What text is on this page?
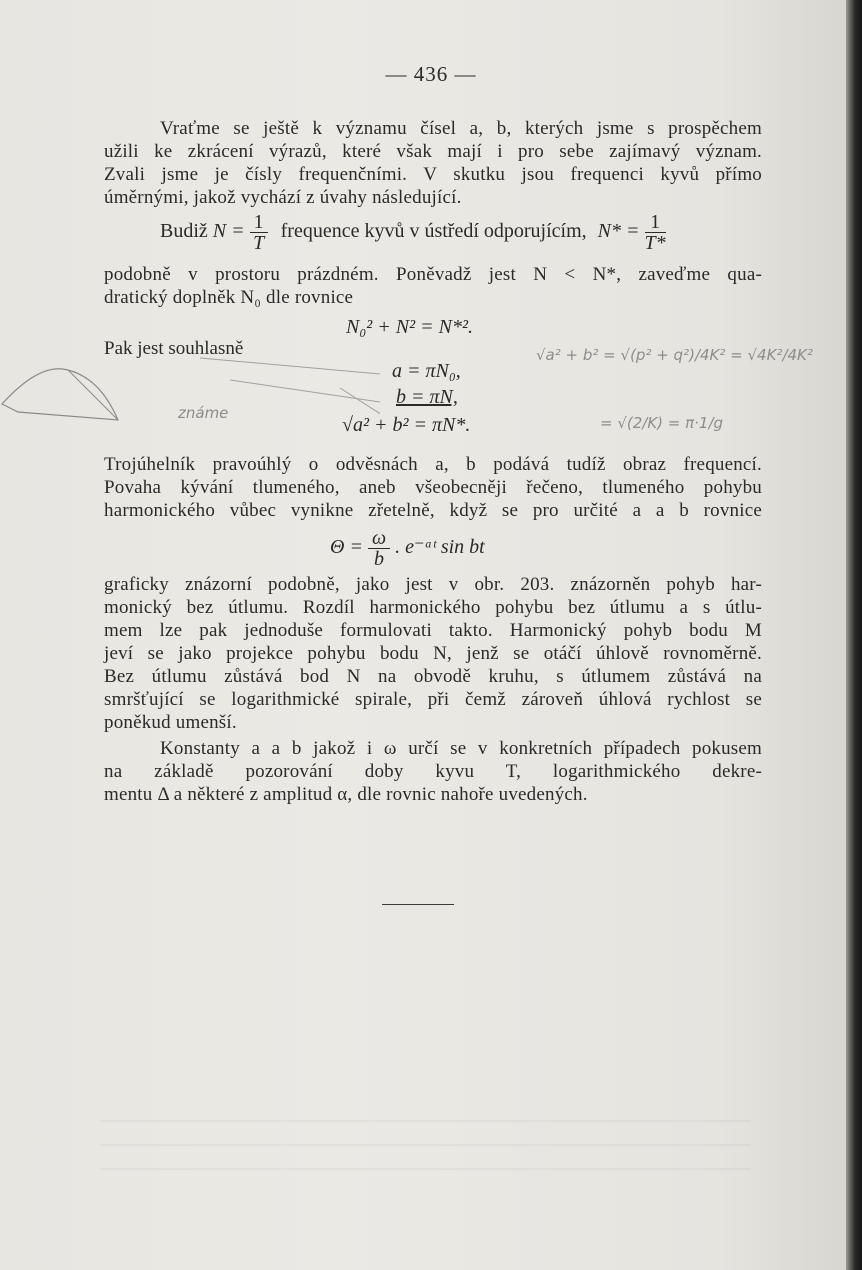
— 436 —
Vraťme se ještě k významu čísel a, b, kterých jsme s prospěchem
užili ke zkrácení výrazů, které však mají i pro sebe zajímavý význam.
Zvali jsme je čísly frequenčními. V skutku jsou frequenci kyvů přímo
úměrnými, jakož vychází z úvahy následující.
Budiž $N = \frac{1}{T}$ frequence kyvů v ústředí odporujícím, $N* = \frac{1}{T*}$
podobně v prostoru prázdném. Poněvadž jest N < N*, zaveďme qua-
dratický doplněk N₀ dle rovnice
N₀² + N² = N*².
Pak jest souhlasně
a = πN₀,
b = πN,
√a² + b² = πN*.
Trojúhelník pravoúhlý o odvěsnách a, b podává tudíž obraz frequencí.
Povaha kývání tlumeného, aneb všeobecněji řečeno, tlumeného pohybu
harmonického vůbec vynikne zřetelně, když se pro určité a a b rovnice
$\Theta = \frac{\omega}{b}$ . e⁻ᵃᵗ sin bt
graficky znázorní podobně, jako jest v obr. 203. znázorněn pohyb har-
monický bez útlumu. Rozdíl harmonického pohybu bez útlumu a s útlu-
mem lze pak jednoduše formulovati takto. Harmonický pohyb bodu M
jeví se jako projekce pohybu bodu N, jenž se otáčí úhlově rovnoměrně.
Bez útlumu zůstává bod N na obvodě kruhu, s útlumem zůstává na
smršťující se logarithmické spirale, při čemž zároveň úhlová rychlost se
poněkud umenší.
Konstanty a a b jakož i ω určí se v konkretních případech pokusem
na základě pozorování doby kyvu T, logarithmického dekre-
mentu Δ a některé z amplitud α, dle rovnic nahoře uvedených.
známe
√a² + b² = √(p² + q²)/4K² = √4K²/4K²
= √(2/K) = π·1/g
